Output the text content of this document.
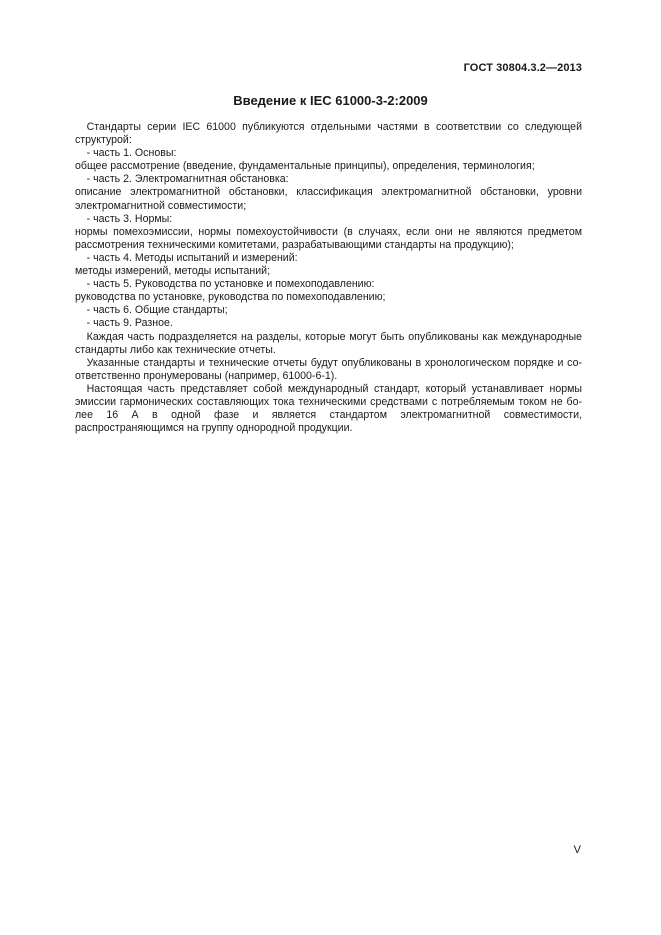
ГОСТ 30804.3.2—2013
Введение к IEC 61000-3-2:2009

Стандарты серии IEC 61000 публикуются отдельными частями в соответствии со следующей структурой:

- часть 1. Основы:

общее рассмотрение (введение, фундаментальные принципы), определения, терминология;

- часть 2. Электромагнитная обстановка:

описание электромагнитной обстановки, классификация электромагнитной обстановки, уровни электромагнитной совместимости;

- часть 3. Нормы:

нормы помехоэмиссии, нормы помехоустойчивости (в случаях, если они не являются предметом рассмотрения техническими комитетами, разрабатывающими стандарты на продукцию);

- часть 4. Методы испытаний и измерений:

методы измерений, методы испытаний;

- часть 5. Руководства по установке и помехоподавлению:

руководства по установке, руководства по помехоподавлению;

- часть 6. Общие стандарты;

- часть 9. Разное.

Каждая часть подразделяется на разделы, которые могут быть опубликованы как международные стандарты либо как технические отчеты.

Указанные стандарты и технические отчеты будут опубликованы в хронологическом порядке и со-ответственно пронумерованы (например, 61000-6-1).

Настоящая часть представляет собой международный стандарт, который устанавливает нормы эмиссии гармонических составляющих тока техническими средствами с потребляемым током не бо-лее 16 А в одной фазе и является стандартом электромагнитной совместимости, распространяющимся на группу однородной продукции.

V
